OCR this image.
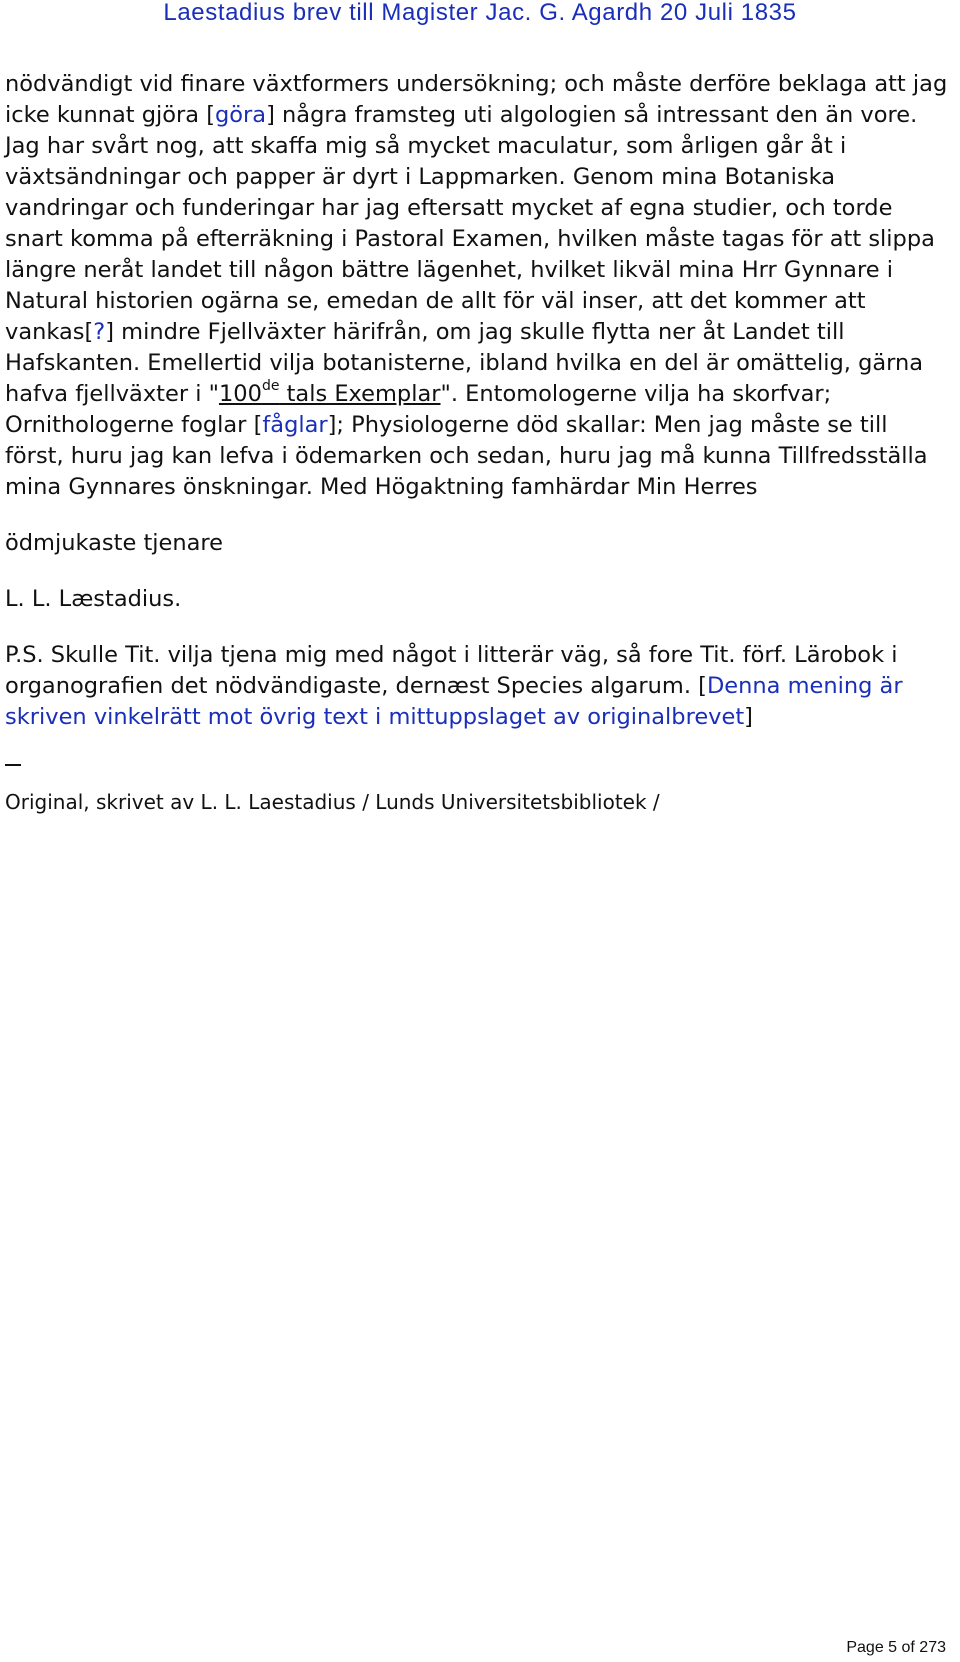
Laestadius brev till Magister Jac. G. Agardh 20 Juli 1835

nödvändigt vid finare växtformers undersökning; och måste derföre beklaga att jag icke kunnat gjöra [göra] några framsteg uti algologien så intressant den än vore. Jag har svårt nog, att skaffa mig så mycket maculatur, som årligen går åt i växtsändningar och papper är dyrt i Lappmarken. Genom mina Botaniska vandringar och funderingar har jag eftersatt mycket af egna studier, och torde snart komma på efterräkning i Pastoral Examen, hvilken måste tagas för att slippa längre neråt landet till någon bättre lägenhet, hvilket likväl mina Hrr Gynnare i Natural historien ogärna se, emedan de allt för väl inser, att det kommer att vankas[?] mindre Fjellväxter härifrån, om jag skulle flytta ner åt Landet till Hafskanten. Emellertid vilja botanisterne, ibland hvilka en del är omättelig, gärna hafva fjellväxter i "100de tals Exemplar". Entomologerne vilja ha skorfvar; Ornithologerne foglar [fåglar]; Physiologerne död skallar: Men jag måste se till först, huru jag kan lefva i ödemarken och sedan, huru jag må kunna Tillfredsställa mina Gynnares önskningar. Med Högaktning famhärdar Min Herres

ödmjukaste tjenare

L. L. Læstadius.

P.S. Skulle Tit. vilja tjena mig med något i litterär väg, så fore Tit. förf. Lärobok i organografien det nödvändigaste, dernæst Species algarum. [Denna mening är skriven vinkelrätt mot övrig text i mittuppslaget av originalbrevet]

Original, skrivet av L. L. Laestadius / Lunds Universitetsbibliotek /

Page 5 of 273
